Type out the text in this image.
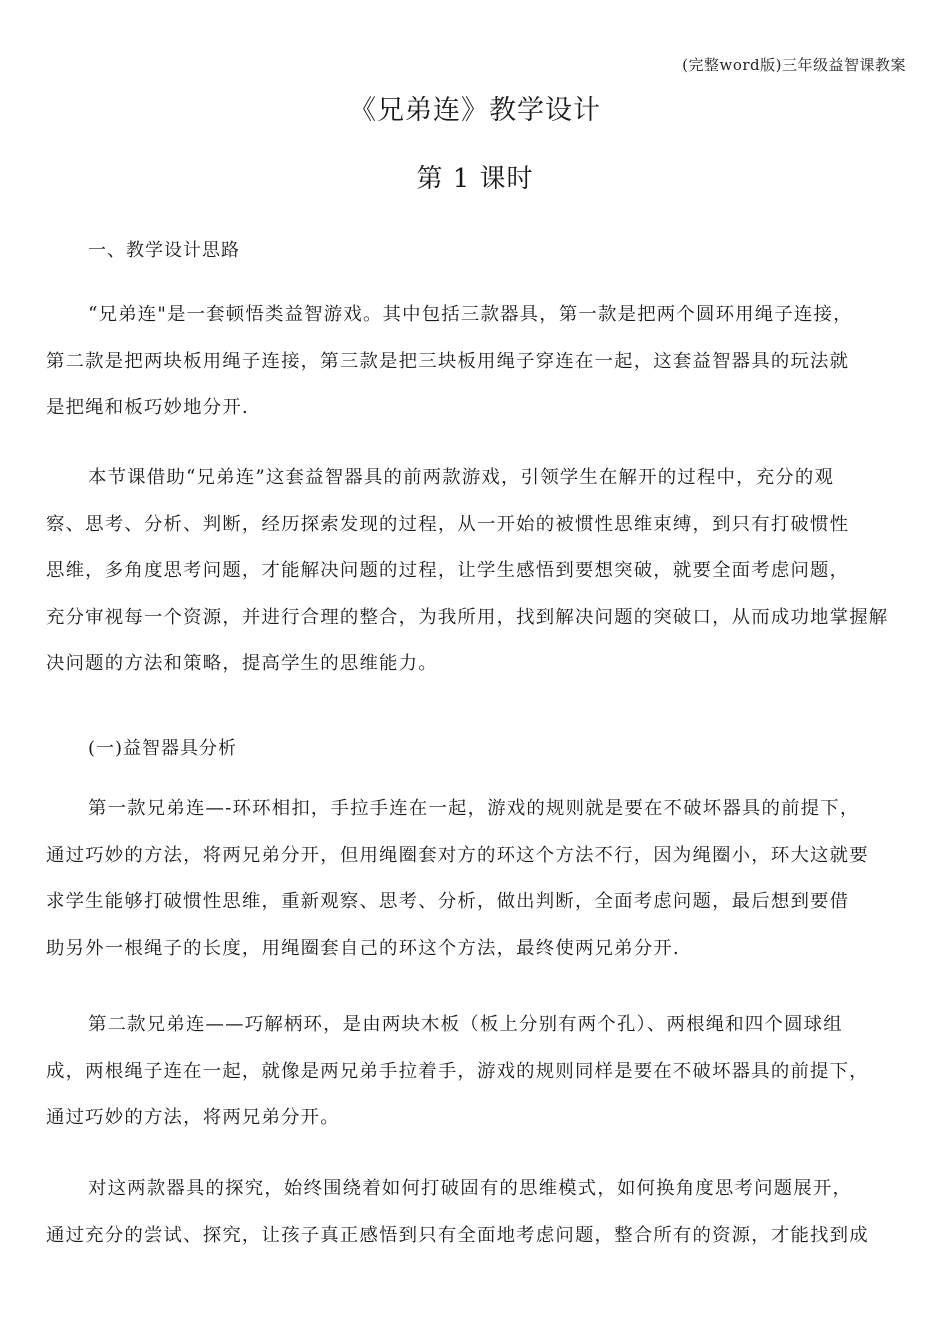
(完整word版)三年级益智课教案
《兄弟连》教学设计
第 1 课时
一、教学设计思路
“兄弟连"是一套顿悟类益智游戏。其中包括三款器具，第一款是把两个圆环用绳子连接，
第二款是把两块板用绳子连接，第三款是把三块板用绳子穿连在一起，这套益智器具的玩法就
是把绳和板巧妙地分开.
本节课借助“兄弟连”这套益智器具的前两款游戏，引领学生在解开的过程中，充分的观
察、思考、分析、判断，经历探索发现的过程，从一开始的被惯性思维束缚，到只有打破惯性
思维，多角度思考问题，才能解决问题的过程，让学生感悟到要想突破，就要全面考虑问题，
充分审视每一个资源，并进行合理的整合，为我所用，找到解决问题的突破口，从而成功地掌握解
决问题的方法和策略，提高学生的思维能力。
(一)益智器具分析
第一款兄弟连—-环环相扣，手拉手连在一起，游戏的规则就是要在不破坏器具的前提下，
通过巧妙的方法，将两兄弟分开，但用绳圈套对方的环这个方法不行，因为绳圈小，环大这就要
求学生能够打破惯性思维，重新观察、思考、分析，做出判断，全面考虑问题，最后想到要借
助另外一根绳子的长度，用绳圈套自己的环这个方法，最终使两兄弟分开.
第二款兄弟连——巧解柄环，是由两块木板（板上分别有两个孔）、两根绳和四个圆球组
成，两根绳子连在一起，就像是两兄弟手拉着手，游戏的规则同样是要在不破坏器具的前提下，
通过巧妙的方法，将两兄弟分开。
对这两款器具的探究，始终围绕着如何打破固有的思维模式，如何换角度思考问题展开，
通过充分的尝试、探究，让孩子真正感悟到只有全面地考虑问题，整合所有的资源，才能找到成
